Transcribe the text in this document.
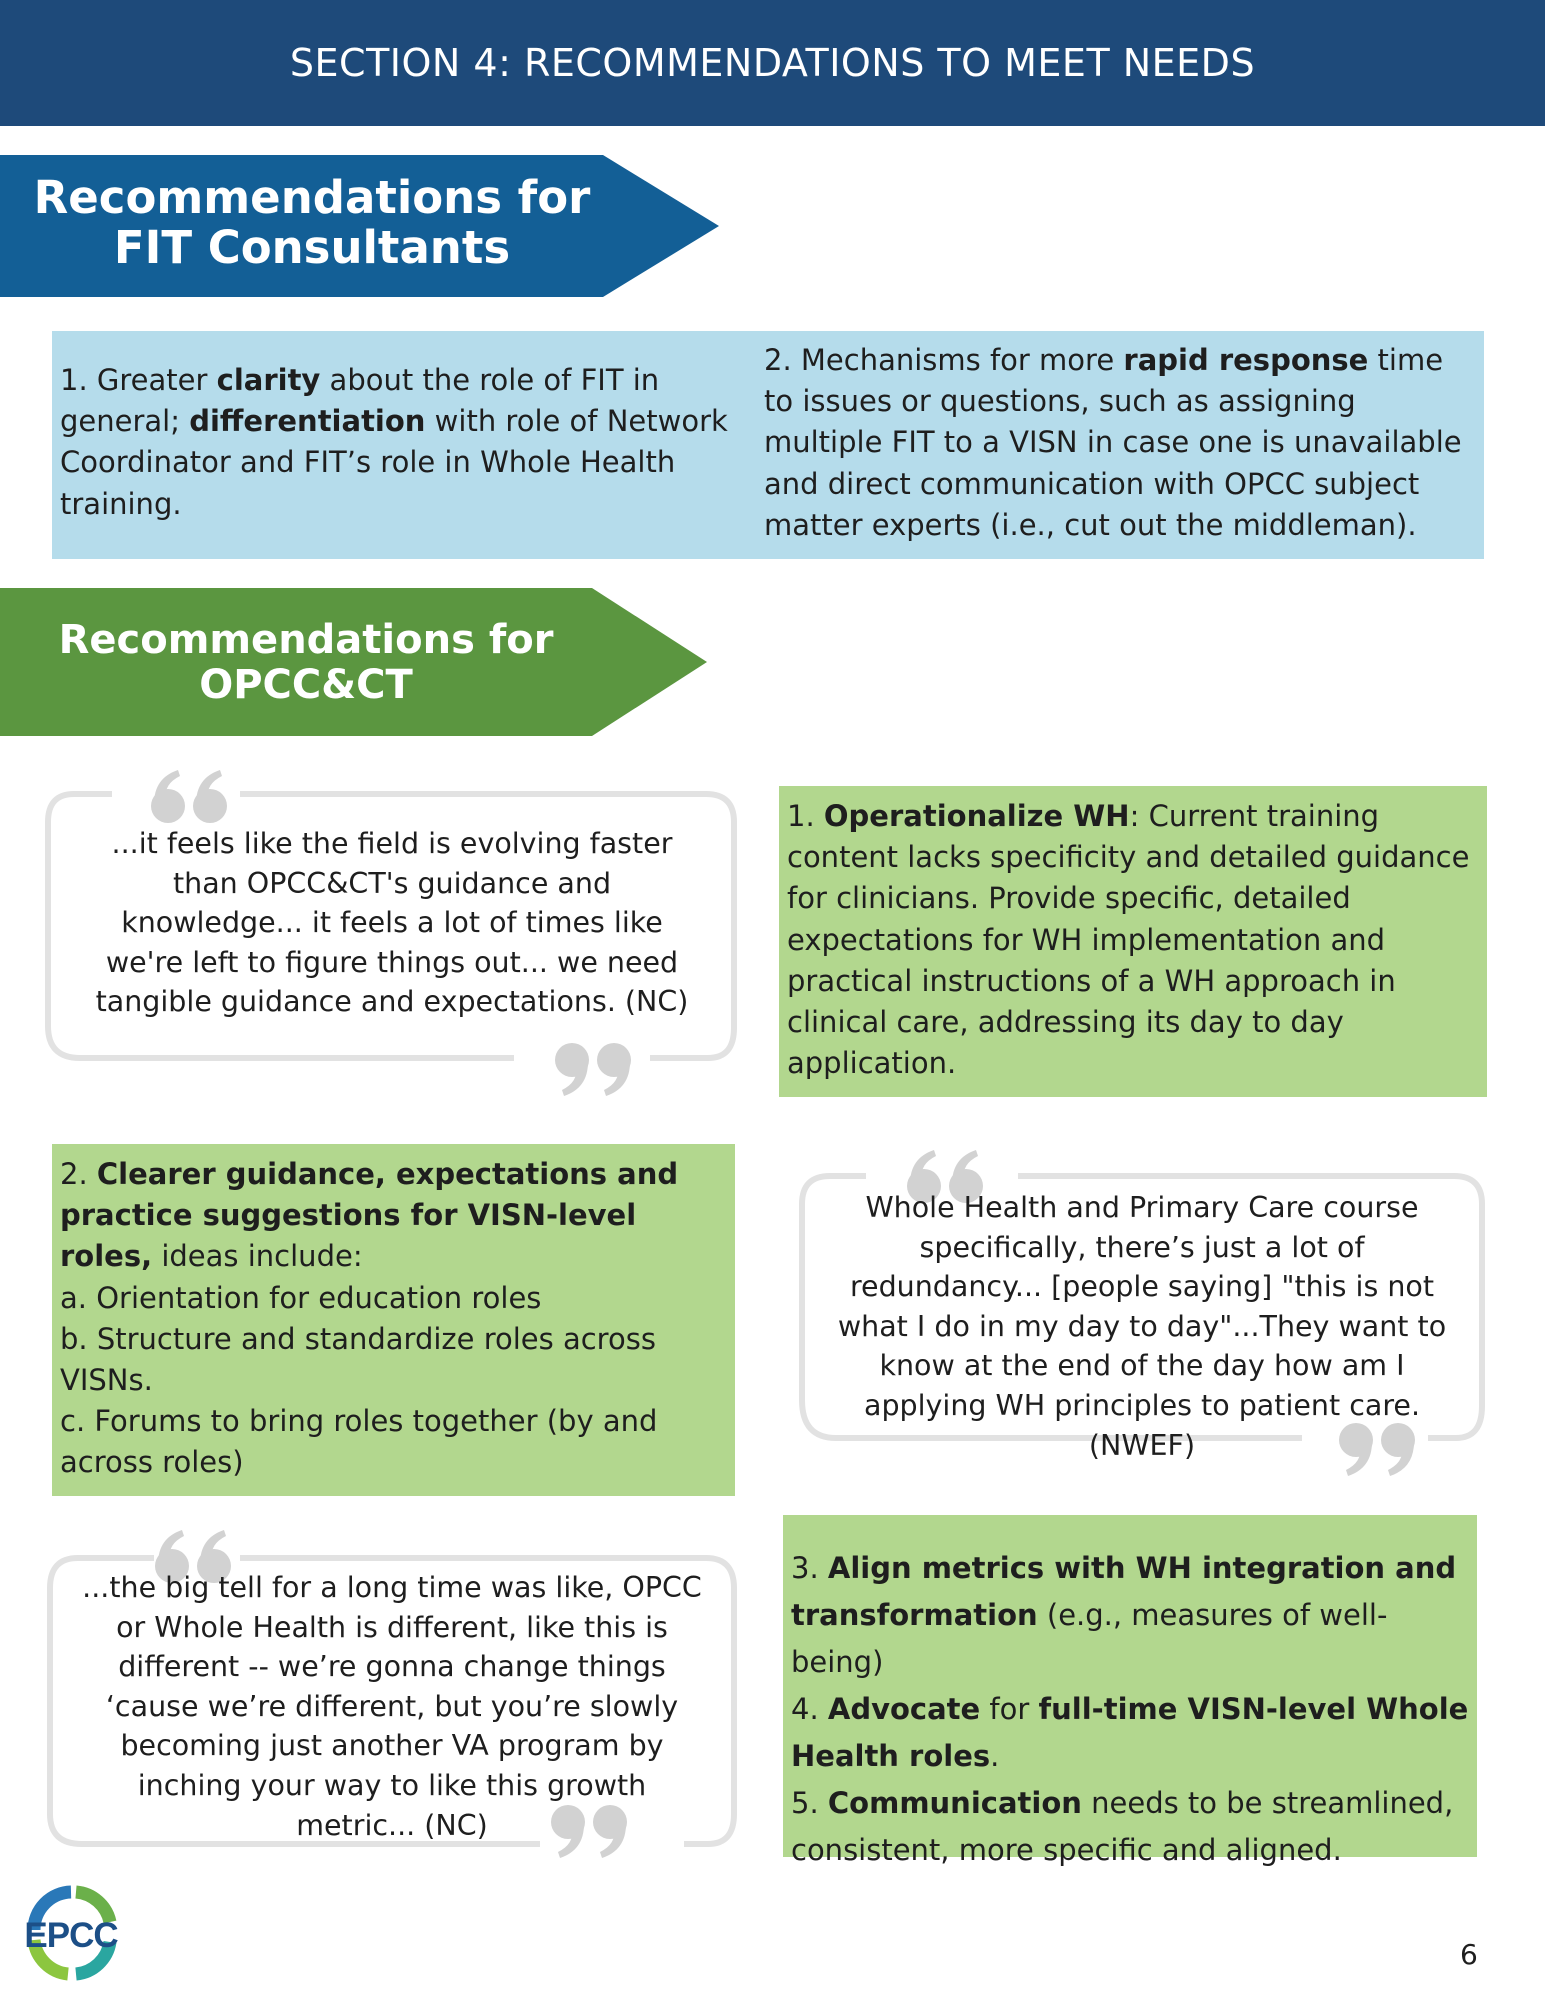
SECTION 4: RECOMMENDATIONS TO MEET NEEDS
Recommendations for
FIT Consultants
1. Greater clarity about the role of FIT in general; differentiation with role of Network Coordinator and FIT’s role in Whole Health training.
2. Mechanisms for more rapid response time to issues or questions, such as assigning multiple FIT to a VISN in case one is unavailable and direct communication with OPCC subject matter experts (i.e., cut out the middleman).
Recommendations for
OPCC&CT
...it feels like the field is evolving faster than OPCC&CT's guidance and knowledge... it feels a lot of times like we're left to figure things out... we need tangible guidance and expectations. (NC)
1. Operationalize WH: Current training content lacks specificity and detailed guidance for clinicians. Provide specific, detailed expectations for WH implementation and practical instructions of a WH approach in clinical care, addressing its day to day application.
2. Clearer guidance, expectations and practice suggestions for VISN-level roles, ideas include:
a. Orientation for education roles
b. Structure and standardize roles across VISNs.
c. Forums to bring roles together (by and across roles)
Whole Health and Primary Care course specifically, there’s just a lot of redundancy... [people saying] "this is not what I do in my day to day"...They want to know at the end of the day how am I applying WH principles to patient care. (NWEF)
...the big tell for a long time was like, OPCC or Whole Health is different, like this is different -- we’re gonna change things ‘cause we’re different, but you’re slowly becoming just another VA program by inching your way to like this growth metric... (NC)
3. Align metrics with WH integration and transformation (e.g., measures of well-being)
4. Advocate for full-time VISN-level Whole Health roles.
5. Communication needs to be streamlined, consistent, more specific and aligned.
EPCC	6
